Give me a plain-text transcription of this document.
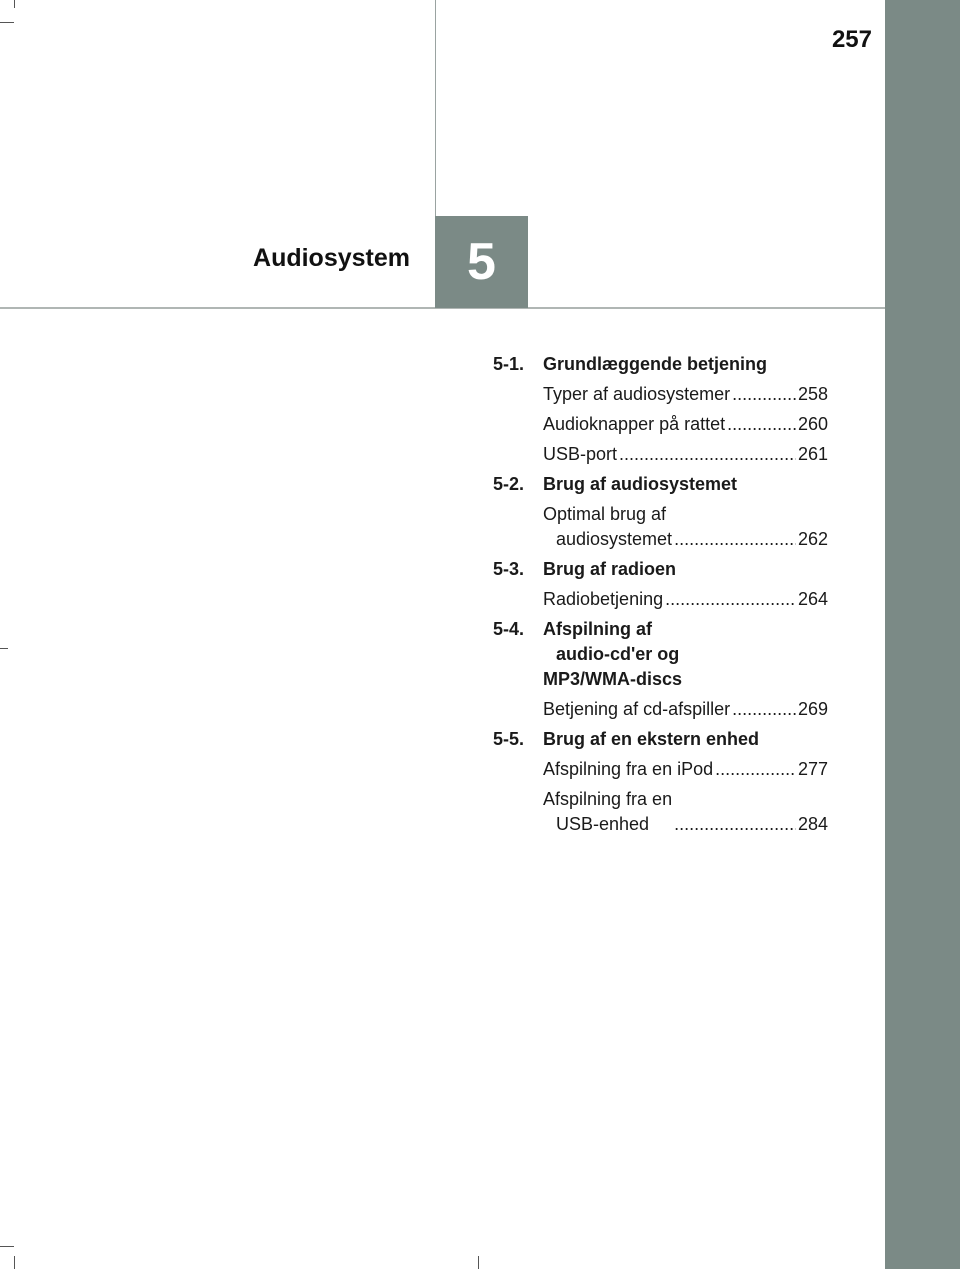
257
5
Audiosystem
5-1.	Grundlæggende betjening
Typer af audiosystemer .....	258
Audioknapper på rattet .....	260
USB-port .....	261
5-2.	Brug af audiosystemet
Optimal brug af
audiosystemet .....	262
5-3.	Brug af radioen
Radiobetjening .....	264
5-4.	Afspilning af
audio-cd'er og
MP3/WMA-discs
Betjening af cd-afspiller .....	269
5-5.	Brug af en ekstern enhed
Afspilning fra en iPod .....	277
Afspilning fra en
USB-enhed .....	284
